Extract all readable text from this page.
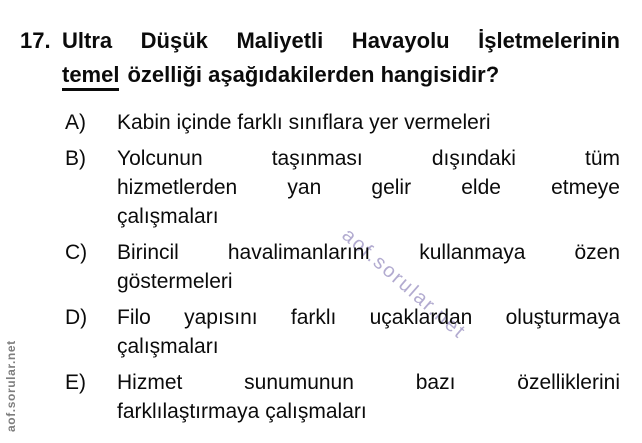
aof.sorular.net
aof.sorular.net
17. Ultra Düşük Maliyetli Havayolu İşletmelerinin
temel özelliği aşağıdakilerden hangisidir?
A)	Kabin içinde farklı sınıflara yer vermeleri
B)	Yolcunun taşınması dışındaki tüm
hizmetlerden yan gelir elde etmeye
çalışmaları
C)	Birincil havalimanlarını kullanmaya özen
göstermeleri
D)	Filo yapısını farklı uçaklardan oluşturmaya
çalışmaları
E)	Hizmet sunumunun bazı özelliklerini
farklılaştırmaya çalışmaları
